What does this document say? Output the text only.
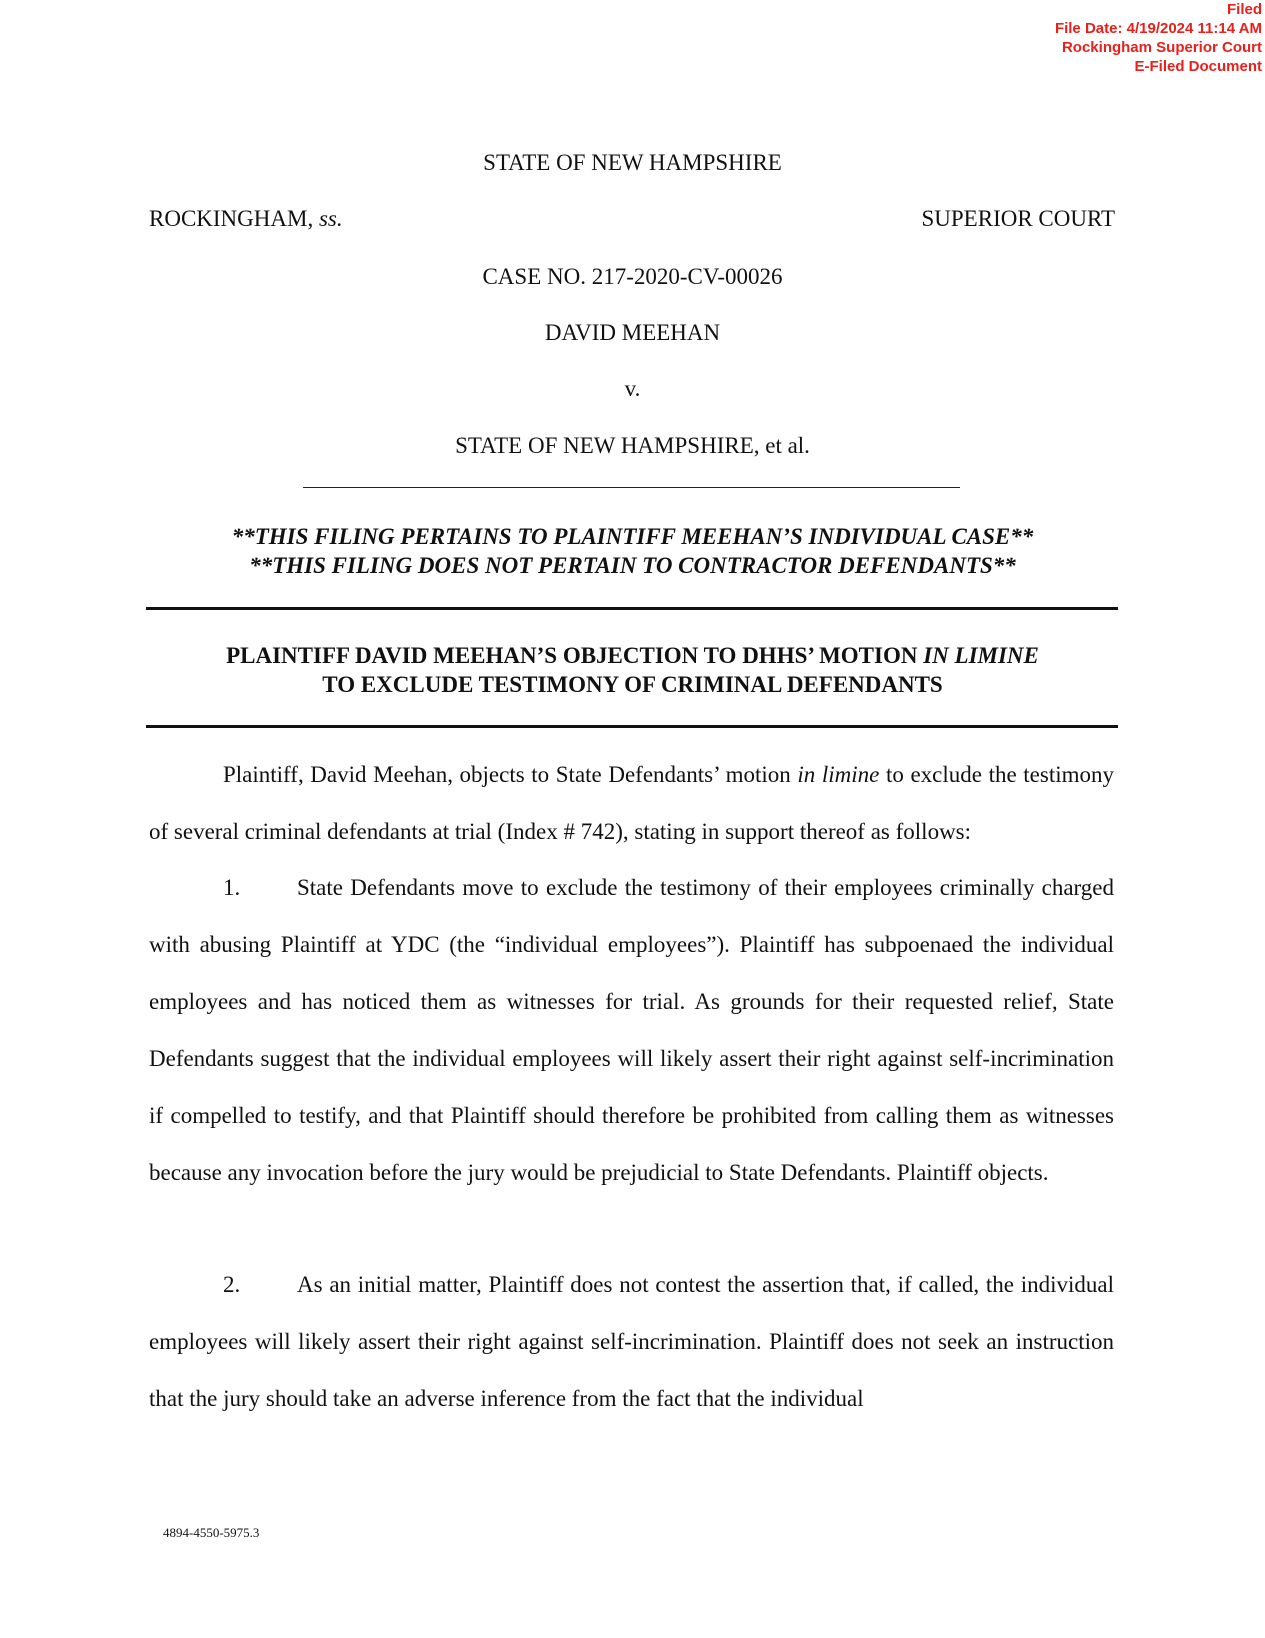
Filed
File Date: 4/19/2024 11:14 AM
Rockingham Superior Court
E-Filed Document
STATE OF NEW HAMPSHIRE
ROCKINGHAM, ss.	SUPERIOR COURT
CASE NO. 217-2020-CV-00026
DAVID MEEHAN
v.
STATE OF NEW HAMPSHIRE, et al.
**THIS FILING PERTAINS TO PLAINTIFF MEEHAN’S INDIVIDUAL CASE**
**THIS FILING DOES NOT PERTAIN TO CONTRACTOR DEFENDANTS**
PLAINTIFF DAVID MEEHAN’S OBJECTION TO DHHS’ MOTION IN LIMINE
TO EXCLUDE TESTIMONY OF CRIMINAL DEFENDANTS
Plaintiff, David Meehan, objects to State Defendants’ motion in limine to exclude the testimony of several criminal defendants at trial (Index # 742), stating in support thereof as follows:
1. State Defendants move to exclude the testimony of their employees criminally charged with abusing Plaintiff at YDC (the “individual employees”). Plaintiff has subpoenaed the individual employees and has noticed them as witnesses for trial. As grounds for their requested relief, State Defendants suggest that the individual employees will likely assert their right against self-incrimination if compelled to testify, and that Plaintiff should therefore be prohibited from calling them as witnesses because any invocation before the jury would be prejudicial to State Defendants. Plaintiff objects.
2. As an initial matter, Plaintiff does not contest the assertion that, if called, the individual employees will likely assert their right against self-incrimination. Plaintiff does not seek an instruction that the jury should take an adverse inference from the fact that the individual
4894-4550-5975.3
